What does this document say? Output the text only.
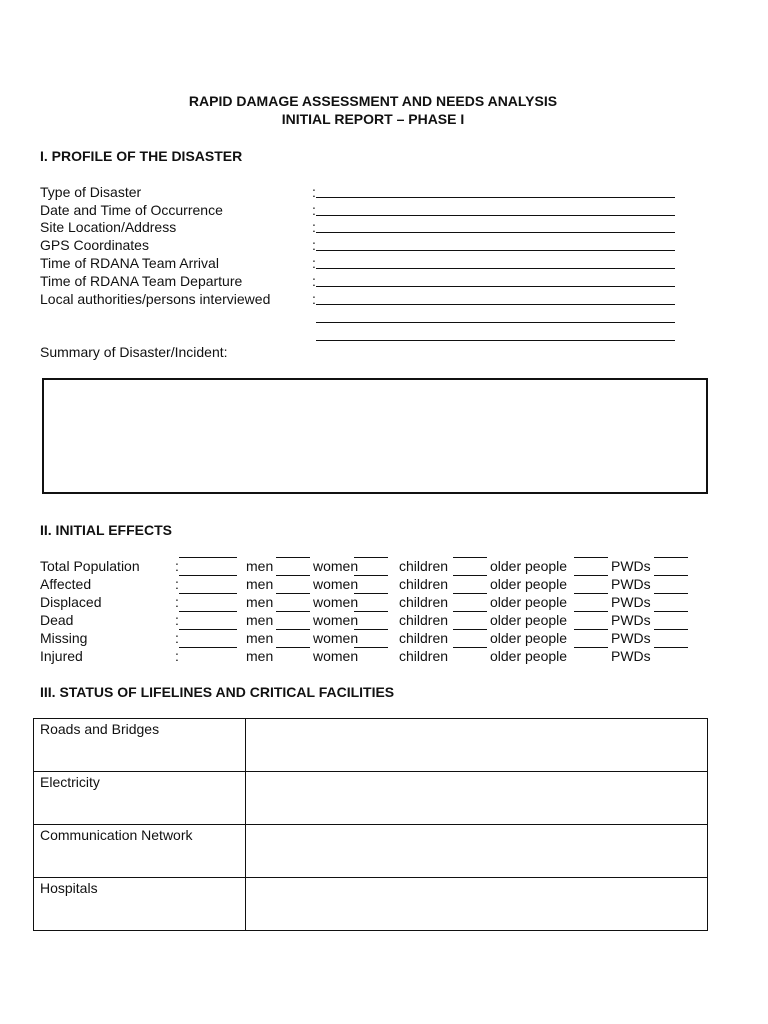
RAPID DAMAGE ASSESSMENT AND NEEDS ANALYSIS
INITIAL REPORT – PHASE I
I. PROFILE OF THE DISASTER
Type of Disaster	:
Date and Time of Occurrence	:
Site Location/Address	:
GPS Coordinates	:
Time of RDANA Team Arrival	:
Time of RDANA Team Departure	:
Local authorities/persons interviewed	:
Summary of Disaster/Incident:
II. INITIAL EFFECTS
Total Population	:	men	women	children	older people	PWDs
Affected	:	men	women	children	older people	PWDs
Displaced	:	men	women	children	older people	PWDs
Dead	:	men	women	children	older people	PWDs
Missing	:	men	women	children	older people	PWDs
Injured	:	men	women	children	older people	PWDs
III. STATUS OF LIFELINES AND CRITICAL FACILITIES
Roads and Bridges	
Electricity	
Communication Network	
Hospitals	
